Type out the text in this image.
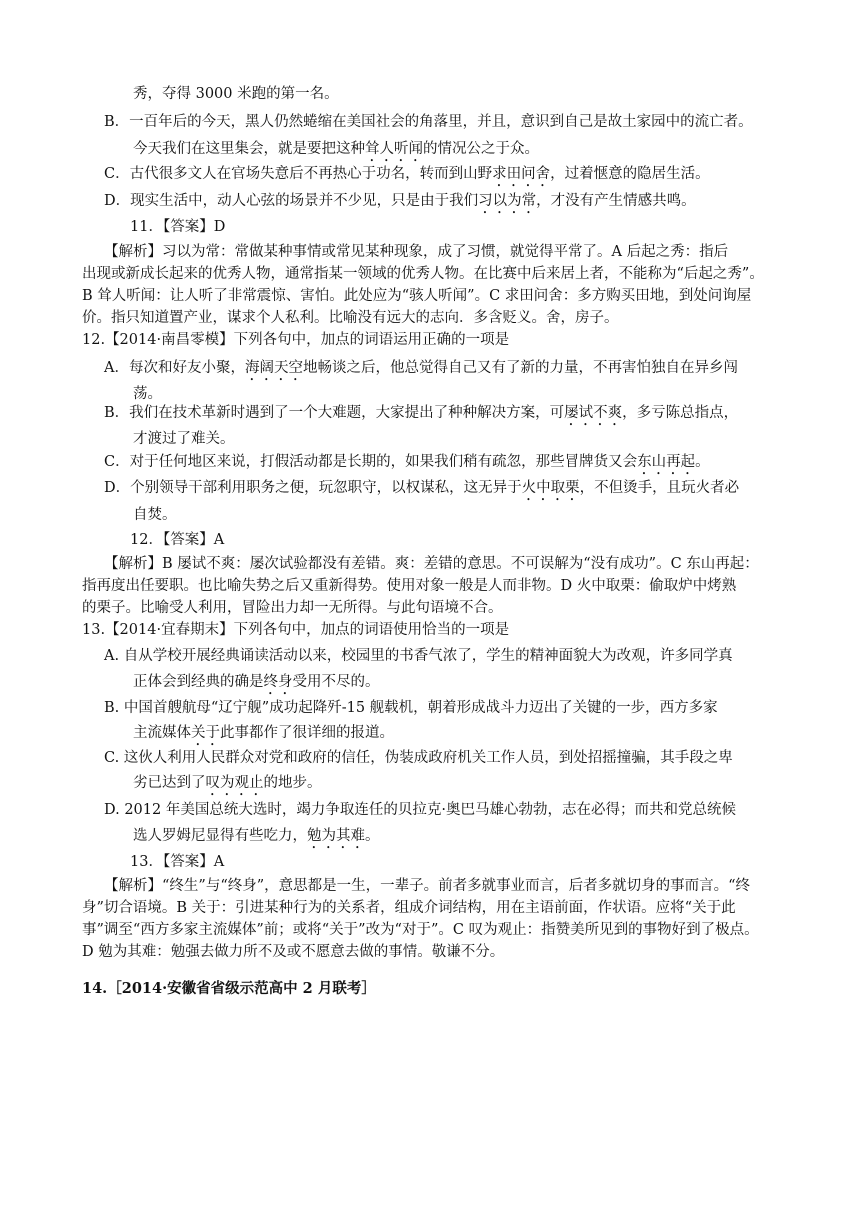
秀，夺得 3000 米跑的第一名。
B．一百年后的今天，黑人仍然蜷缩在美国社会的角落里，并且，意识到自己是故土家园中的流亡者。
今天我们在这里集会，就是要把这种耸人听闻的情况公之于众。
C．古代很多文人在官场失意后不再热心于功名，转而到山野求田问舍，过着惬意的隐居生活。
D．现实生活中，动人心弦的场景并不少见，只是由于我们习以为常，才没有产生情感共鸣。
11．【答案】D
【解析】习以为常：常做某种事情或常见某种现象，成了习惯，就觉得平常了。A 后起之秀：指后
出现或新成长起来的优秀人物，通常指某一领域的优秀人物。在比赛中后来居上者，不能称为“后起之秀”。
B 耸人听闻：让人听了非常震惊、害怕。此处应为“骇人听闻”。C 求田问舍：多方购买田地，到处问询屋
价。指只知道置产业，谋求个人私利。比喻没有远大的志向．多含贬义。舍，房子。
12.【2014·南昌零模】下列各句中，加点的词语运用正确的一项是
A．每次和好友小聚，海阔天空地畅谈之后，他总觉得自己又有了新的力量，不再害怕独自在异乡闯
荡。
B．我们在技术革新时遇到了一个大难题，大家提出了种种解决方案，可屡试不爽，多亏陈总指点，
才渡过了难关。
C．对于任何地区来说，打假活动都是长期的，如果我们稍有疏忽，那些冒牌货又会东山再起。
D．个别领导干部利用职务之便，玩忽职守，以权谋私，这无异于火中取栗，不但烫手，且玩火者必
自焚。
12．【答案】A
【解析】B 屡试不爽：屡次试验都没有差错。爽：差错的意思。不可误解为“没有成功”。C 东山再起：
指再度出任要职。也比喻失势之后又重新得势。使用对象一般是人而非物。D 火中取栗：偷取炉中烤熟
的栗子。比喻受人利用，冒险出力却一无所得。与此句语境不合。
13.【2014·宜春期末】下列各句中，加点的词语使用恰当的一项是
A. 自从学校开展经典诵读活动以来，校园里的书香气浓了，学生的精神面貌大为改观，许多同学真
正体会到经典的确是终身受用不尽的。
B. 中国首艘航母“辽宁舰”成功起降歼-15 舰载机，朝着形成战斗力迈出了关键的一步，西方多家
主流媒体关于此事都作了很详细的报道。
C. 这伙人利用人民群众对党和政府的信任，伪装成政府机关工作人员，到处招摇撞骗，其手段之卑
劣已达到了叹为观止的地步。
D. 2012 年美国总统大选时，竭力争取连任的贝拉克·奥巴马雄心勃勃，志在必得；而共和党总统候
选人罗姆尼显得有些吃力，勉为其难。
13．【答案】A
【解析】“终生”与“终身”，意思都是一生，一辈子。前者多就事业而言，后者多就切身的事而言。“终
身”切合语境。B 关于：引进某种行为的关系者，组成介词结构，用在主语前面，作状语。应将“关于此
事”调至“西方多家主流媒体”前；或将“关于”改为“对于”。C 叹为观止：指赞美所见到的事物好到了极点。
D 勉为其难：勉强去做力所不及或不愿意去做的事情。敬谦不分。
14.［2014·安徽省省级示范高中 2 月联考］
